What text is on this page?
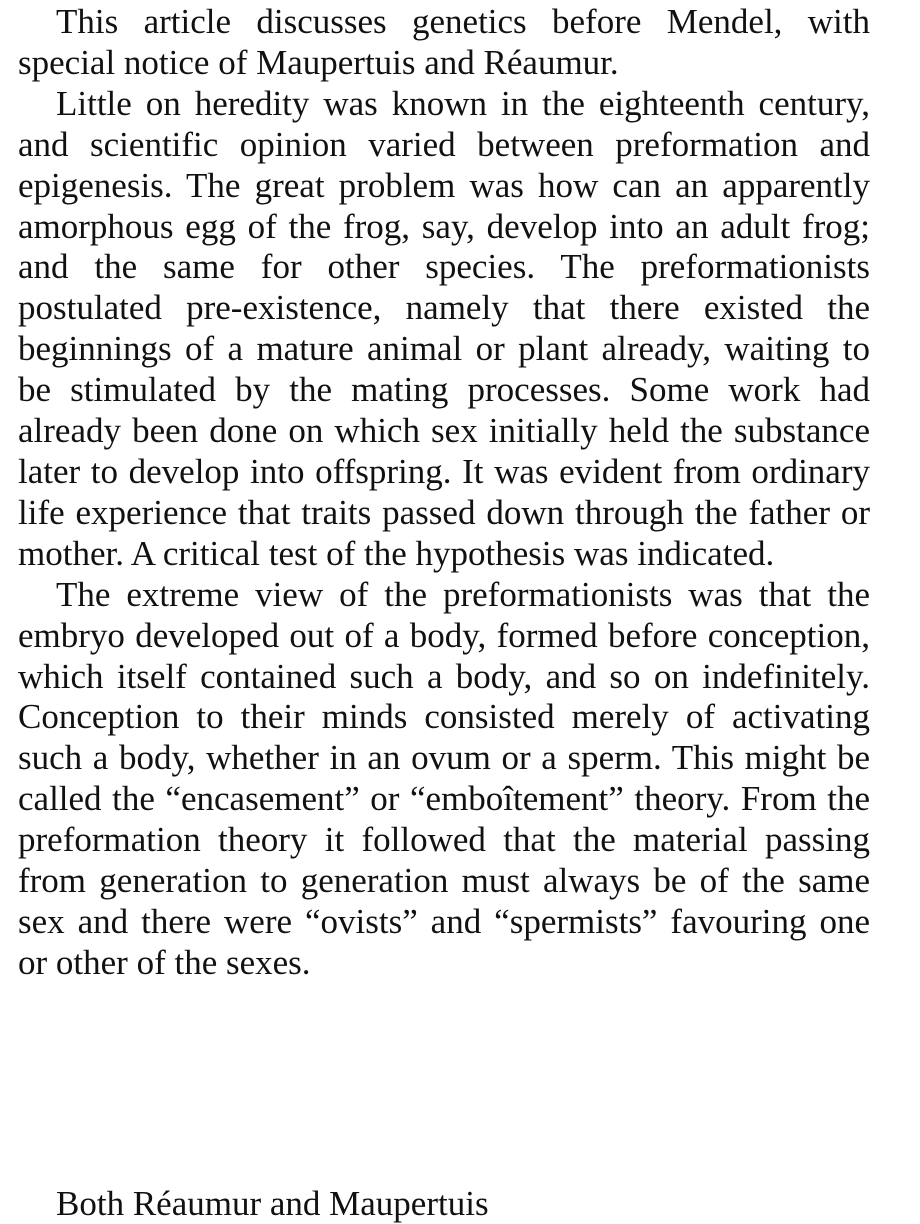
This article discusses genetics before Mendel, with special notice of Maupertuis and Réaumur.

Little on heredity was known in the eighteenth century, and scientific opinion varied between preformation and epigenesis. The great problem was how can an apparently amorphous egg of the frog, say, develop into an adult frog; and the same for other species. The preformationists postulated pre-existence, namely that there existed the beginnings of a mature animal or plant already, waiting to be stimulated by the mating processes. Some work had already been done on which sex initially held the substance later to develop into offspring. It was evident from ordinary life experience that traits passed down through the father or mother. A critical test of the hypothesis was indicated.

The extreme view of the preformationists was that the embryo developed out of a body, formed before conception, which itself contained such a body, and so on indefinitely. Conception to their minds consisted merely of activating such a body, whether in an ovum or a sperm. This might be called the “encasement” or “emboîtement” theory. From the preformation theory it followed that the material passing from generation to generation must always be of the same sex and there were “ovists” and “spermists” favouring one or other of the sexes.

Both Réaumur and Maupertuis
